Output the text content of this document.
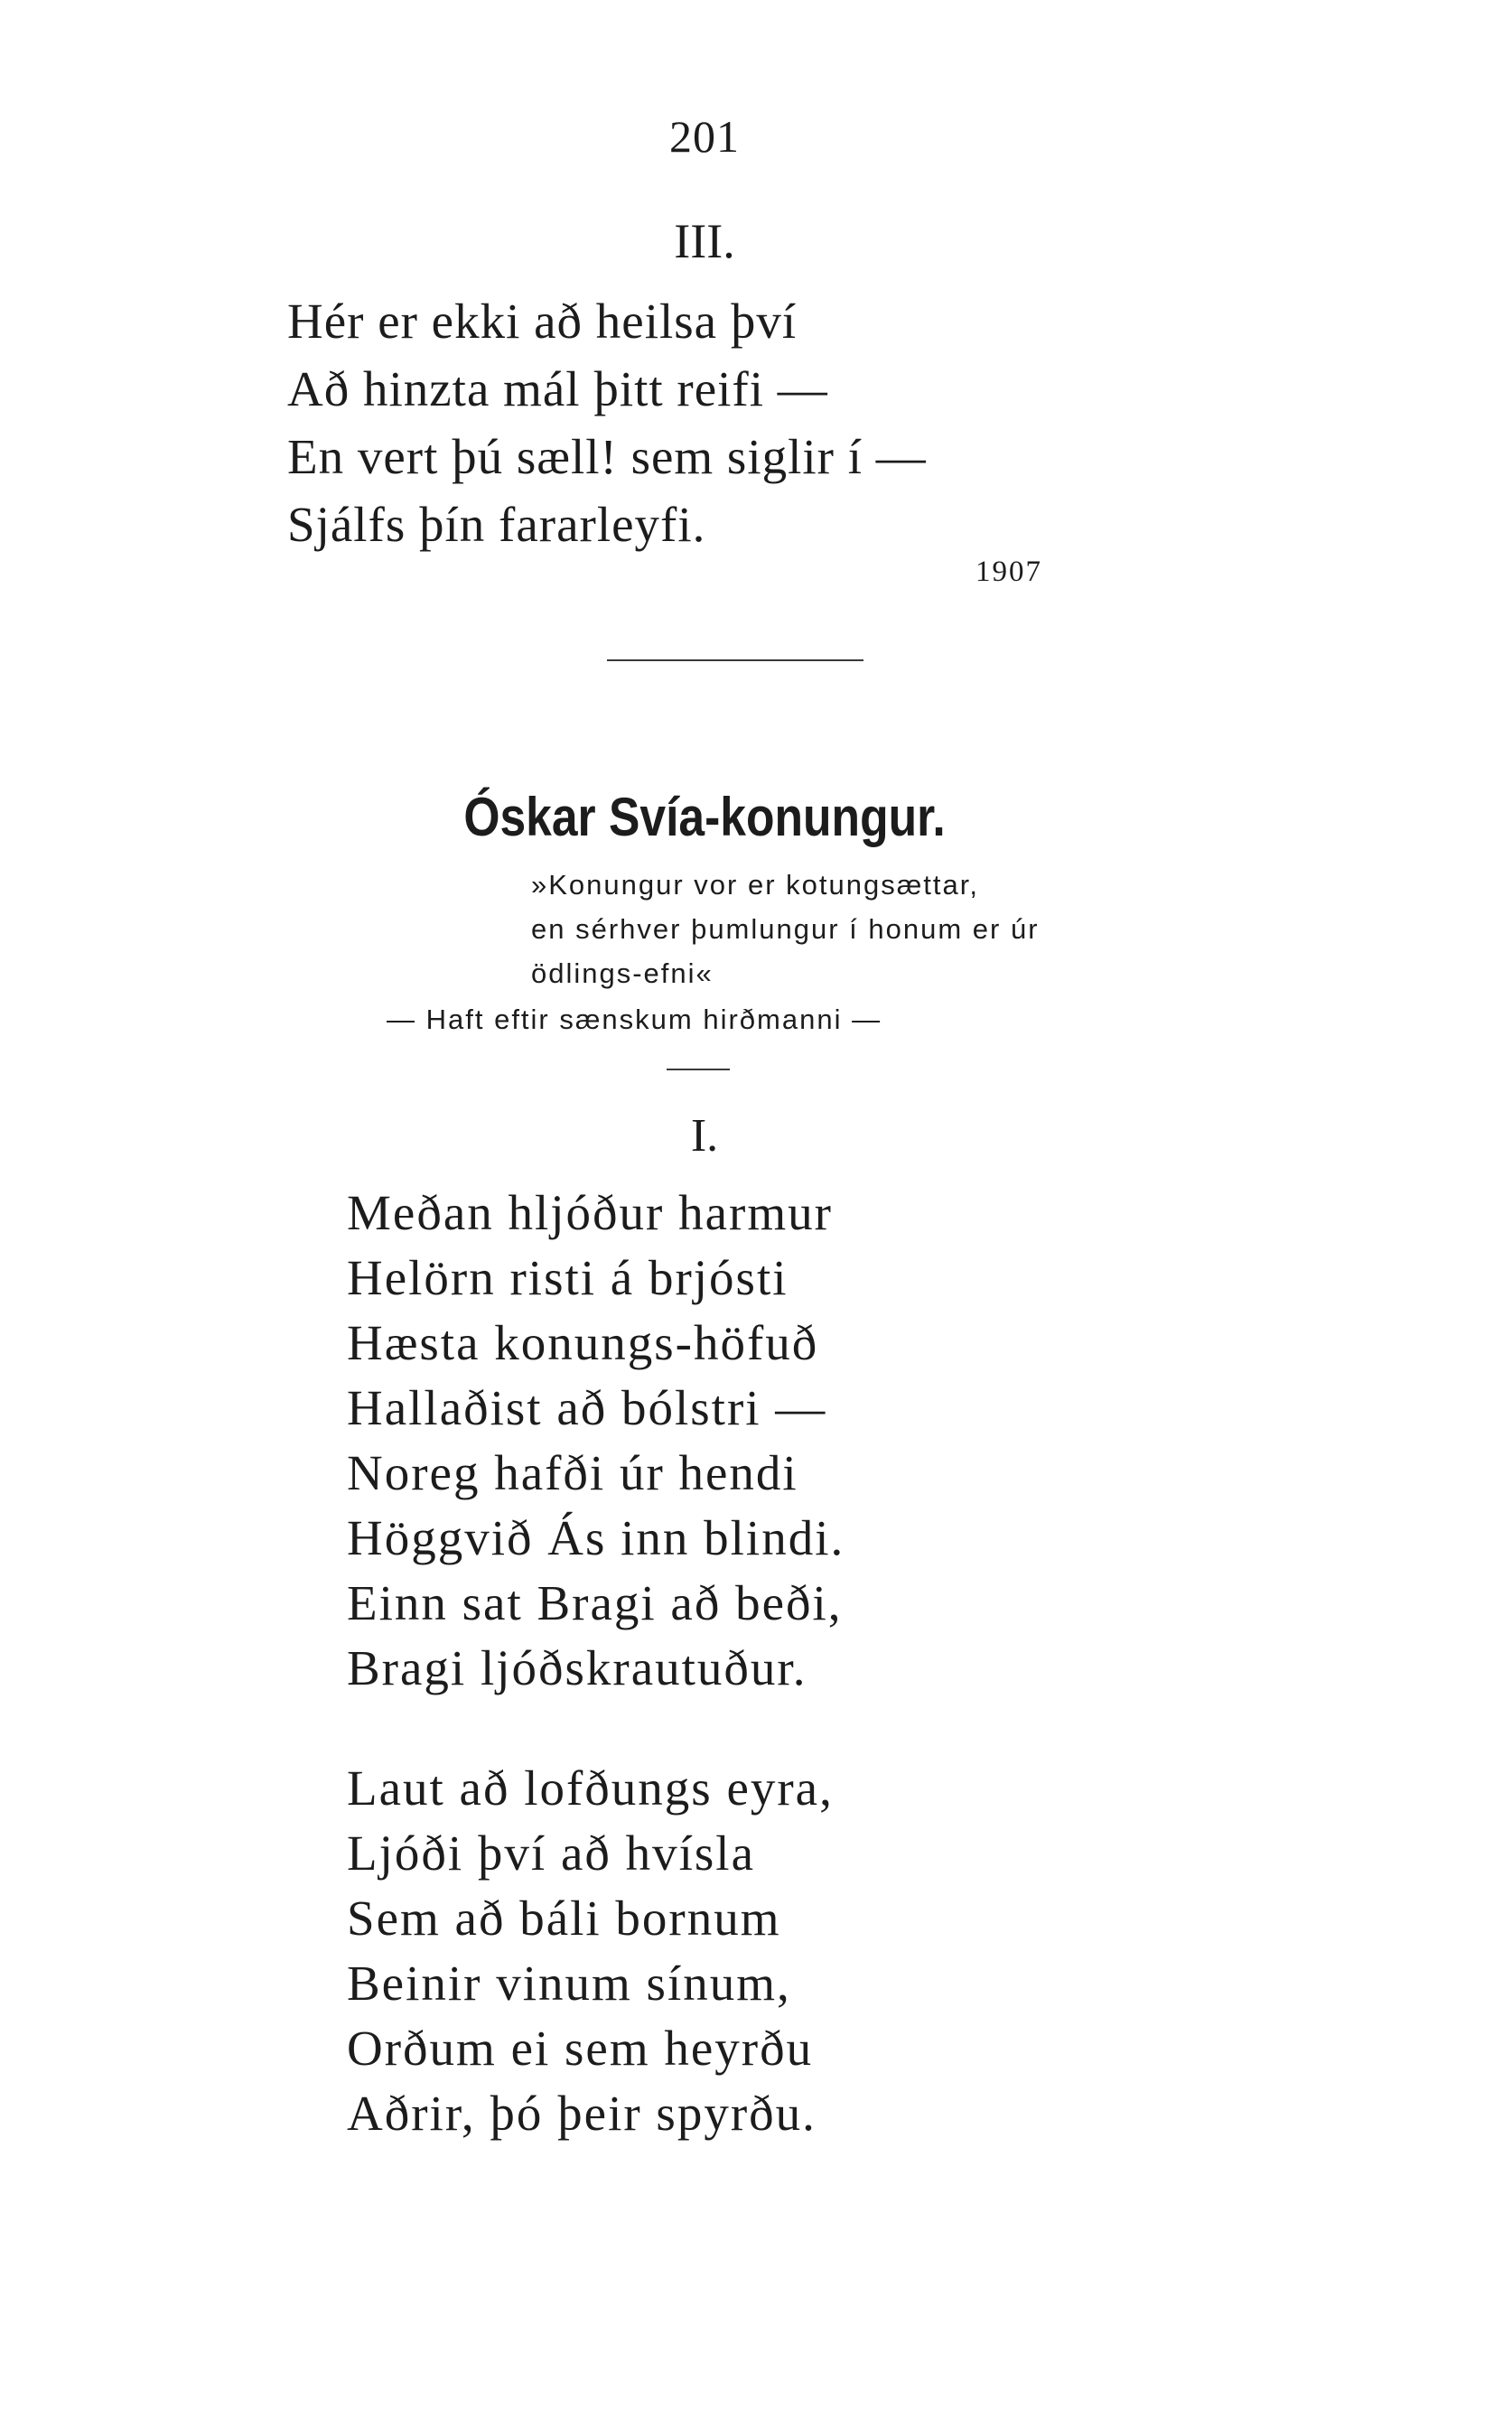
201
III.
Hér er ekki að heilsa því
Að hinzta mál þitt reifi —
En vert þú sæll! sem siglir í —
Sjálfs þín fararleyfi.
1907
Óskar Svía-konungur.
»Konungur vor er kotungsættar,
en sérhver þumlungur í honum er úr
ödlings-efni«
— Haft eftir sænskum hirðmanni —
I.
Meðan hljóður harmur
Helörn risti á brjósti
Hæsta konungs-höfuð
Hallaðist að bólstri —
Noreg hafði úr hendi
Höggvið Ás inn blindi.
Einn sat Bragi að beði,
Bragi ljóðskrautuður.
Laut að lofðungs eyra,
Ljóði því að hvísla
Sem að báli bornum
Beinir vinum sínum,
Orðum ei sem heyrðu
Aðrir, þó þeir spyrðu.
